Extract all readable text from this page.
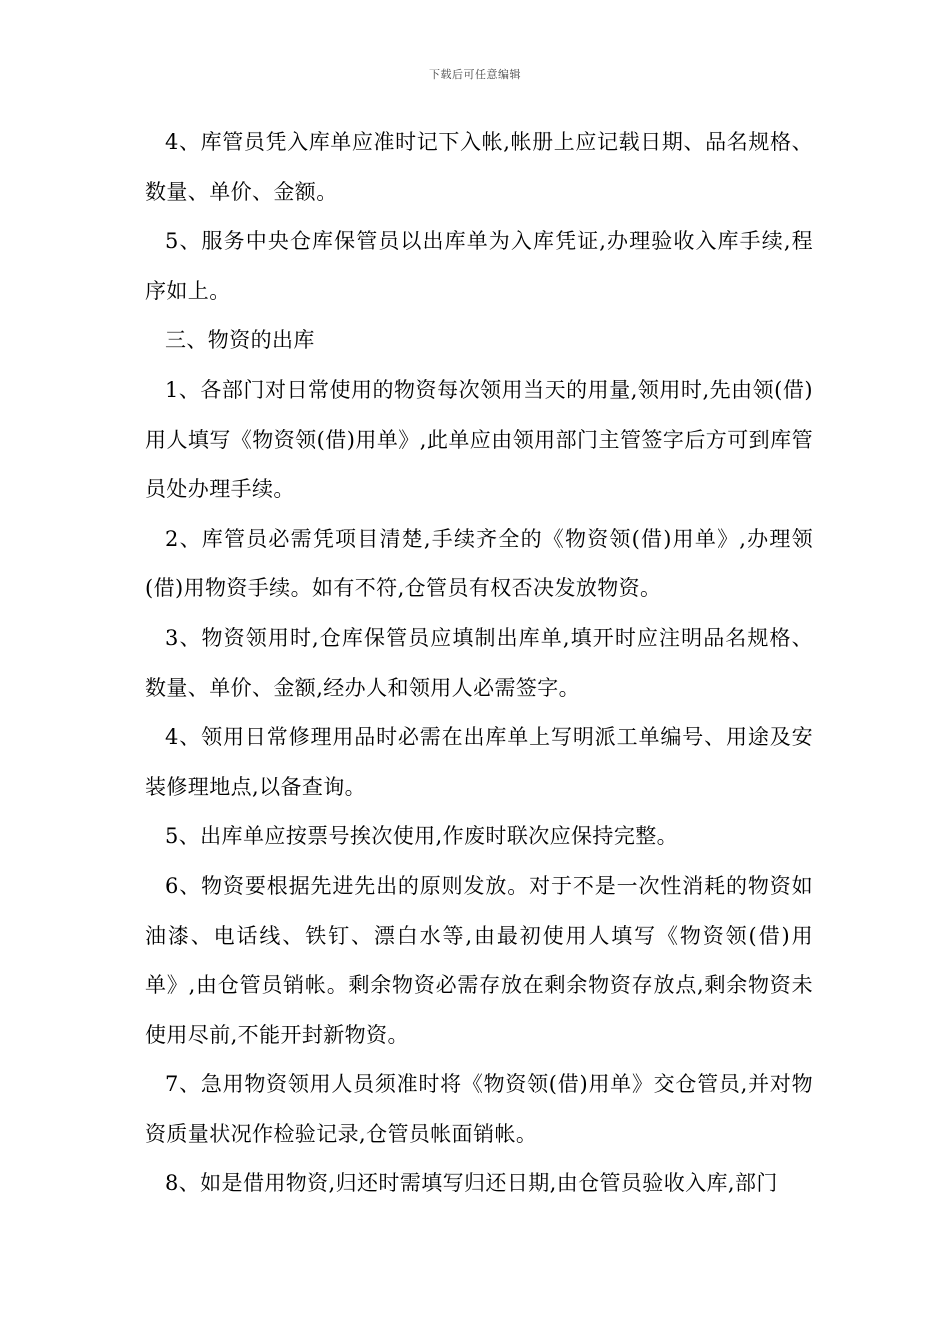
下载后可任意编辑

4、库管员凭入库单应准时记下入帐,帐册上应记载日期、品名规格、数量、单价、金额。

5、服务中央仓库保管员以出库单为入库凭证,办理验收入库手续,程序如上。

三、物资的出库

1、各部门对日常使用的物资每次领用当天的用量,领用时,先由领(借)用人填写《物资领(借)用单》,此单应由领用部门主管签字后方可到库管员处办理手续。

2、库管员必需凭项目清楚,手续齐全的《物资领(借)用单》,办理领(借)用物资手续。如有不符,仓管员有权否决发放物资。

3、物资领用时,仓库保管员应填制出库单,填开时应注明品名规格、数量、单价、金额,经办人和领用人必需签字。

4、领用日常修理用品时必需在出库单上写明派工单编号、用途及安装修理地点,以备查询。

5、出库单应按票号挨次使用,作废时联次应保持完整。

6、物资要根据先进先出的原则发放。对于不是一次性消耗的物资如油漆、电话线、铁钉、漂白水等,由最初使用人填写《物资领(借)用单》,由仓管员销帐。剩余物资必需存放在剩余物资存放点,剩余物资未使用尽前,不能开封新物资。

7、急用物资领用人员须准时将《物资领(借)用单》交仓管员,并对物资质量状况作检验记录,仓管员帐面销帐。

8、如是借用物资,归还时需填写归还日期,由仓管员验收入库,部门
